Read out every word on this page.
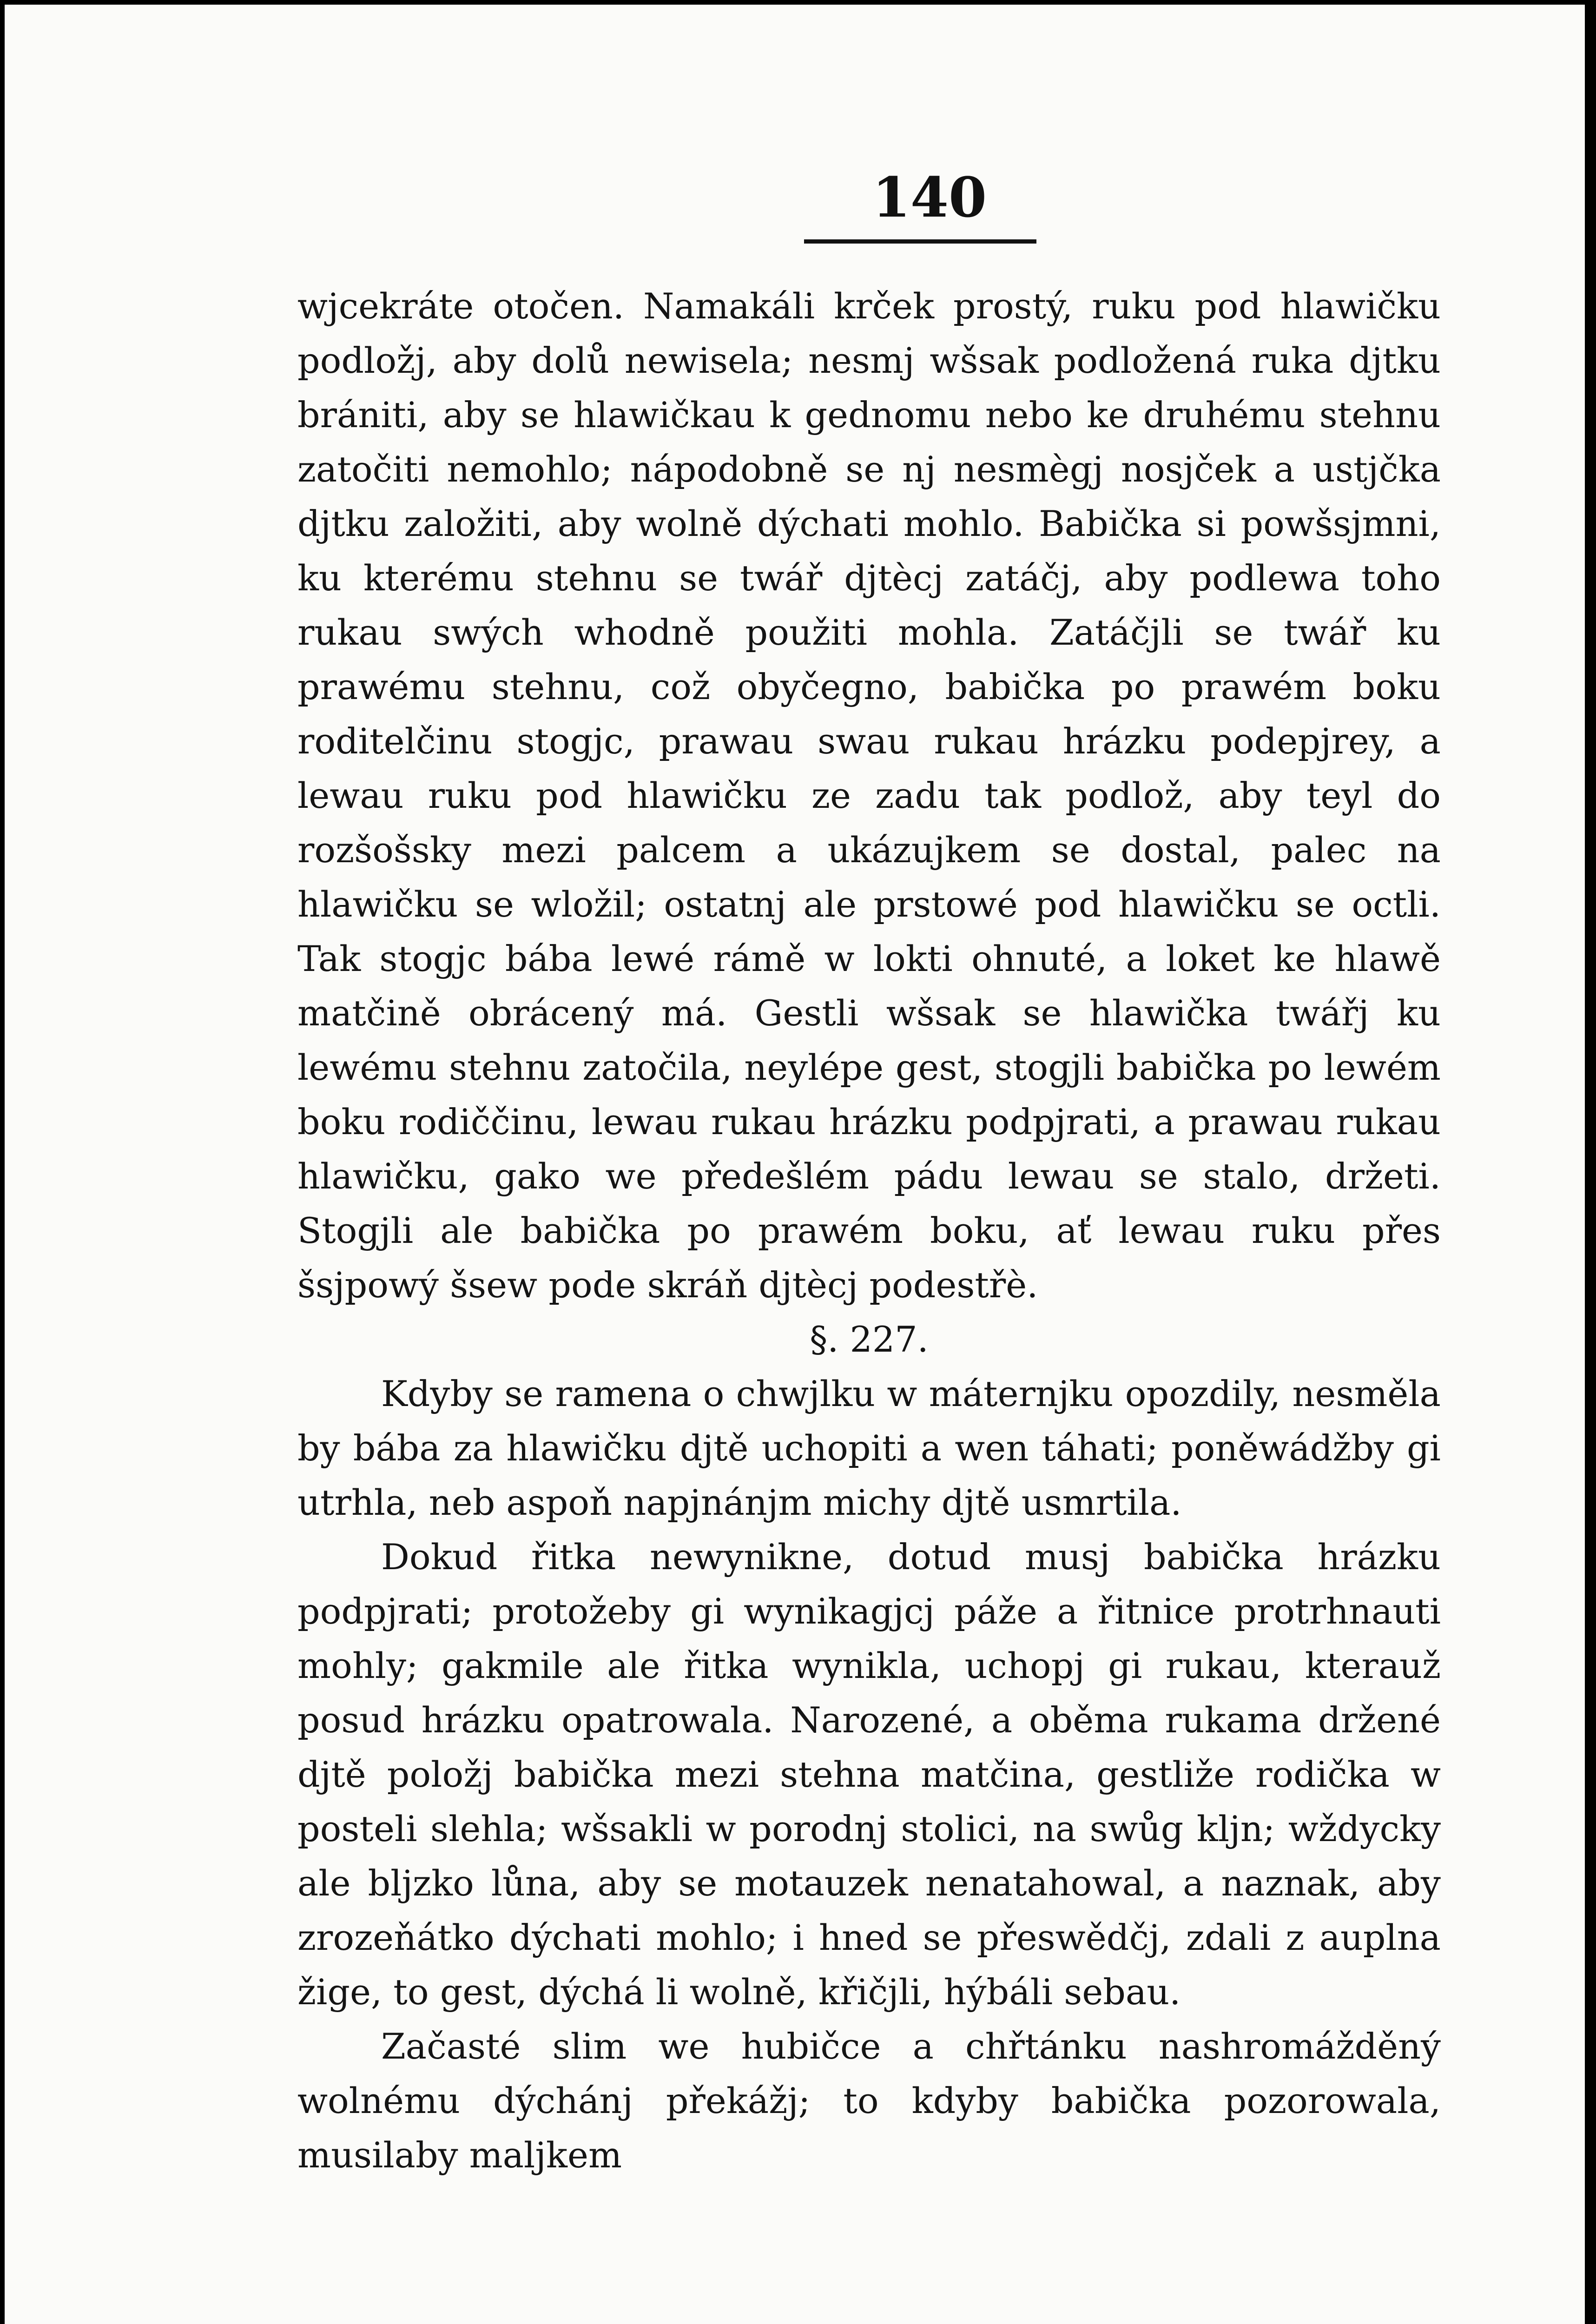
140

wjcekráte otočen. Namakáli krček prostý, ruku pod hlawičku podložj, aby dolů newisela; nesmj wšsak podložená ruka djtku brániti, aby se hlawičkau k gednomu nebo ke druhému stehnu zatočiti nemohlo; nápodobně se nj nesmègj nosjček a ustjčka djtku založiti, aby wolně dýchati mohlo. Babička si powšsjmni, ku kterému stehnu se twář djtècj zatáčj, aby podlewa toho rukau swých whodně použiti mohla. Zatáčjli se twář ku prawému stehnu, což obyčegno, babička po prawém boku roditelčinu stogjc, prawau swau rukau hrázku podepjrey, a lewau ruku pod hlawičku ze zadu tak podlož, aby teyl do rozšošsky mezi palcem a ukázujkem se dostal, palec na hlawičku se wložil; ostatnj ale prstowé pod hlawičku se octli. Tak stogjc bába lewé rámě w lokti ohnuté, a loket ke hlawě matčině obrácený má. Gestli wšsak se hlawička twářj ku lewému stehnu zatočila, neylépe gest, stogjli babička po lewém boku rodiččinu, lewau rukau hrázku podpjrati, a prawau rukau hlawičku, gako we předešlém pádu lewau se stalo, držeti. Stogjli ale babička po prawém boku, ať lewau ruku přes šsjpowý šsew pode skráň djtècj podestřè.

§. 227.

Kdyby se ramena o chwjlku w máternjku opozdily, nesměla by bába za hlawičku djtě uchopiti a wen táhati; poněwádžby gi utrhla, neb aspoň napjnánjm michy djtě usmrtila.

Dokud řitka newynikne, dotud musj babička hrázku podpjrati; protožeby gi wynikagjcj páže a řitnice protrhnauti mohly; gakmile ale řitka wynikla, uchopj gi rukau, kterauž posud hrázku opatrowala. Narozené, a oběma rukama držené djtě položj babička mezi stehna matčina, gestliže rodička w posteli slehla; wšsakli w porodnj stolici, na swůg kljn; wždycky ale bljzko lůna, aby se motauzek nenatahowal, a naznak, aby zrozeňátko dýchati mohlo; i hned se přeswědčj, zdali z auplna žige, to gest, dýchá li wolně, křičjli, hýbáli sebau.

Začasté slim we hubičce a chřtánku nashromážděný wolnému dýchánj překážj; to kdyby babička pozorowala, musilaby maljkem
